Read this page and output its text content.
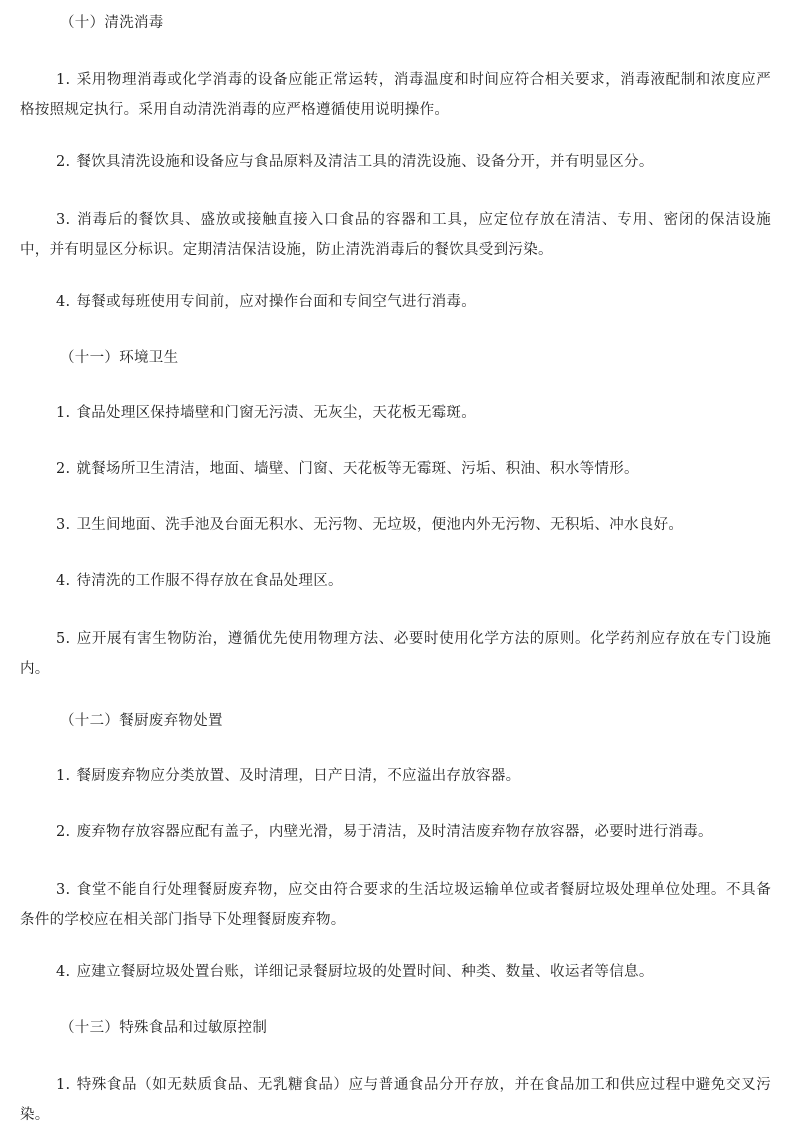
（十）清洗消毒

1. 采用物理消毒或化学消毒的设备应能正常运转，消毒温度和时间应符合相关要求，消毒液配制和浓度应严格按照规定执行。采用自动清洗消毒的应严格遵循使用说明操作。

2. 餐饮具清洗设施和设备应与食品原料及清洁工具的清洗设施、设备分开，并有明显区分。

3. 消毒后的餐饮具、盛放或接触直接入口食品的容器和工具，应定位存放在清洁、专用、密闭的保洁设施中，并有明显区分标识。定期清洁保洁设施，防止清洗消毒后的餐饮具受到污染。

4. 每餐或每班使用专间前，应对操作台面和专间空气进行消毒。

（十一）环境卫生

1. 食品处理区保持墙壁和门窗无污渍、无灰尘，天花板无霉斑。

2. 就餐场所卫生清洁，地面、墙壁、门窗、天花板等无霉斑、污垢、积油、积水等情形。

3. 卫生间地面、洗手池及台面无积水、无污物、无垃圾，便池内外无污物、无积垢、冲水良好。

4. 待清洗的工作服不得存放在食品处理区。

5. 应开展有害生物防治，遵循优先使用物理方法、必要时使用化学方法的原则。化学药剂应存放在专门设施内。

（十二）餐厨废弃物处置

1. 餐厨废弃物应分类放置、及时清理，日产日清，不应溢出存放容器。

2. 废弃物存放容器应配有盖子，内壁光滑，易于清洁，及时清洁废弃物存放容器，必要时进行消毒。

3. 食堂不能自行处理餐厨废弃物，应交由符合要求的生活垃圾运输单位或者餐厨垃圾处理单位处理。不具备条件的学校应在相关部门指导下处理餐厨废弃物。

4. 应建立餐厨垃圾处置台账，详细记录餐厨垃圾的处置时间、种类、数量、收运者等信息。

（十三）特殊食品和过敏原控制

1. 特殊食品（如无麸质食品、无乳糖食品）应与普通食品分开存放，并在食品加工和供应过程中避免交叉污染。
